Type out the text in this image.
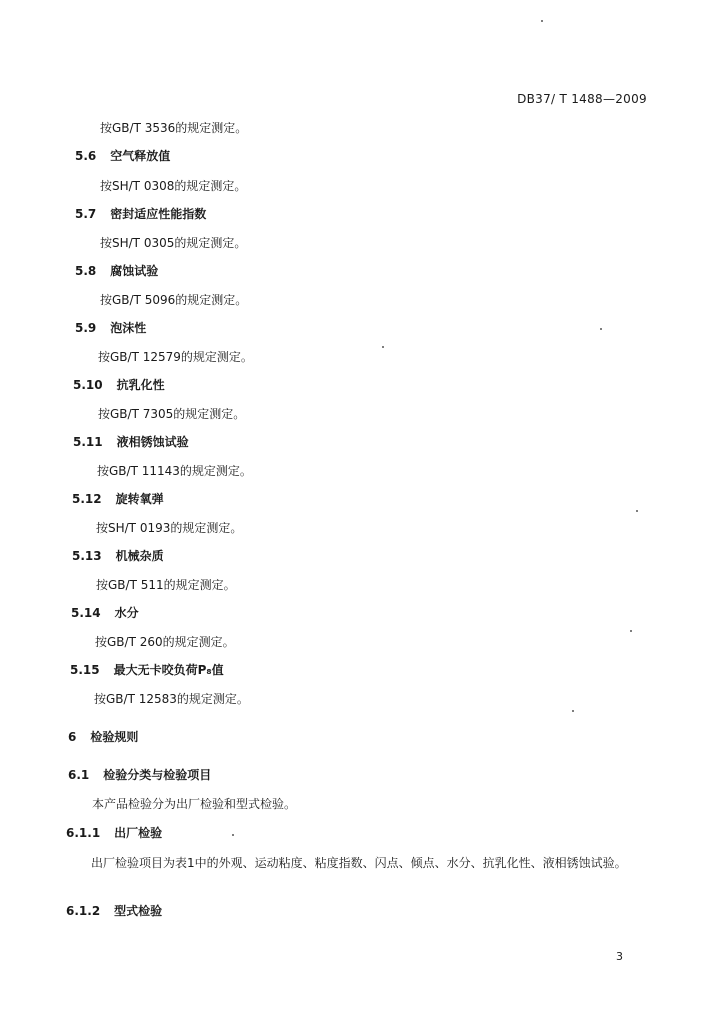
DB37/ T 1488—2009
按GB/T 3536的规定测定。
5.6 空气释放值
按SH/T 0308的规定测定。
5.7 密封适应性能指数
按SH/T 0305的规定测定。
5.8 腐蚀试验
按GB/T 5096的规定测定。
5.9 泡沫性
按GB/T 12579的规定测定。
5.10 抗乳化性
按GB/T 7305的规定测定。
5.11 液相锈蚀试验
按GB/T 11143的规定测定。
5.12 旋转氧弹
按SH/T 0193的规定测定。
5.13 机械杂质
按GB/T 511的规定测定。
5.14 水分
按GB/T 260的规定测定。
5.15 最大无卡咬负荷P₈值
按GB/T 12583的规定测定。
6 检验规则
6.1 检验分类与检验项目
本产品检验分为出厂检验和型式检验。
6.1.1 出厂检验
出厂检验项目为表1中的外观、运动粘度、粘度指数、闪点、倾点、水分、抗乳化性、液相锈蚀试验。
6.1.2 型式检验
3
